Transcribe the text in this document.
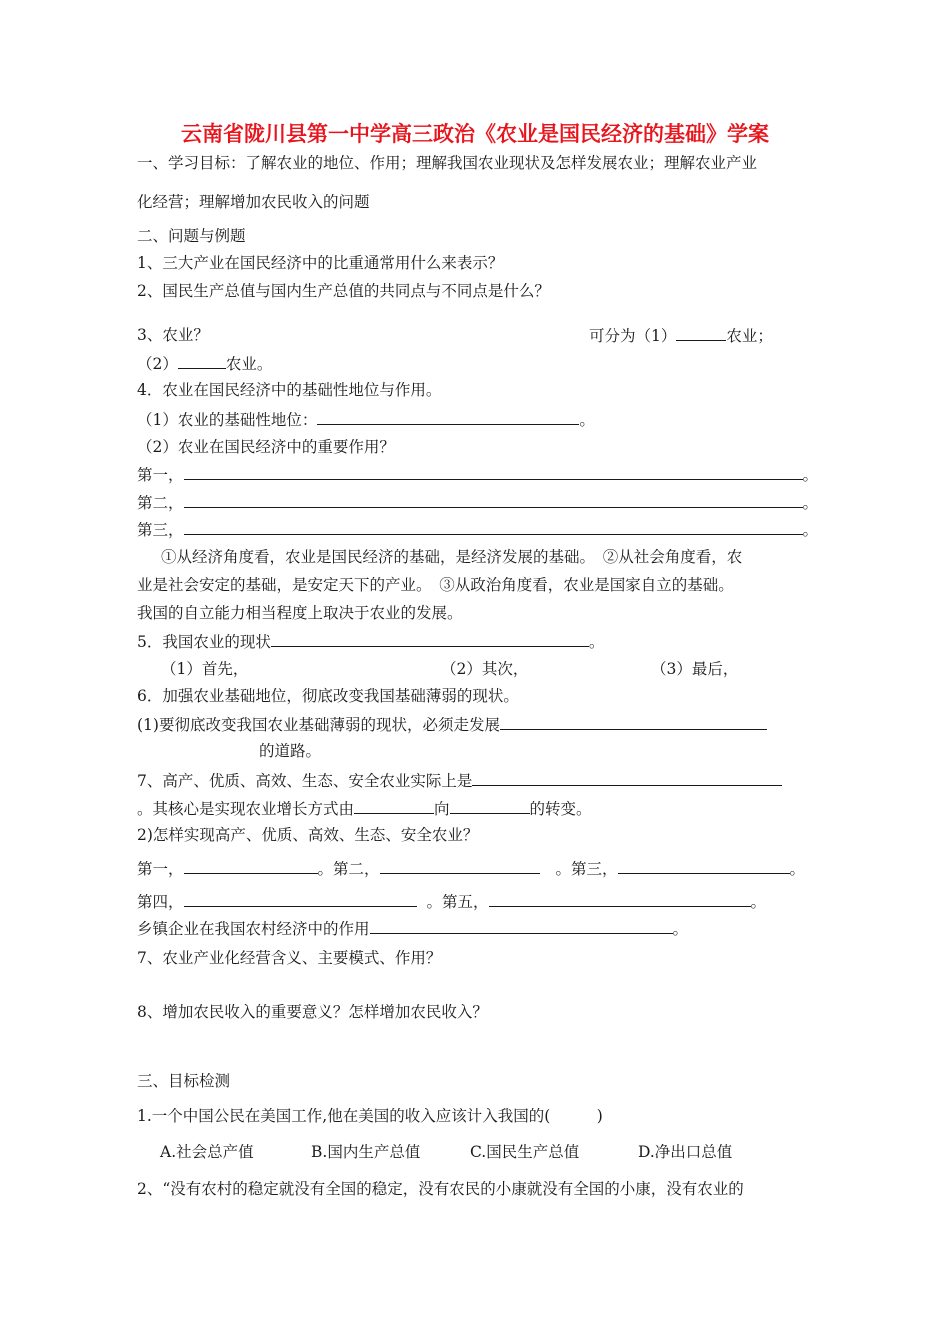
云南省陇川县第一中学高三政治《农业是国民经济的基础》学案
一、学习目标：了解农业的地位、作用；理解我国农业现状及怎样发展农业；理解农业产业
化经营；理解增加农民收入的问题
二、问题与例题
1、三大产业在国民经济中的比重通常用什么来表示？
2、国民生产总值与国内生产总值的共同点与不同点是什么？
3、农业？	可分为（1）	农业；
（2）	农业。
4．农业在国民经济中的基础性地位与作用。
（1）农业的基础性地位：	。
（2）农业在国民经济中的重要作用？
第一，	。
第二，	。
第三，	。
①从经济角度看，农业是国民经济的基础，是经济发展的基础。　②从社会角度看，农
业是社会安定的基础，是安定天下的产业。　③从政治角度看，农业是国家自立的基础。
我国的自立能力相当程度上取决于农业的发展。
5．我国农业的现状	。
（1）首先，	（2）其次，	（3）最后，
6．加强农业基础地位，彻底改变我国基础薄弱的现状。
(1)要彻底改变我国农业基础薄弱的现状，必须走发展
的道路。
7、高产、优质、高效、生态、安全农业实际上是
。其核心是实现农业增长方式由	向	的转变。
2)怎样实现高产、优质、高效、生态、安全农业？
第一，	。第二，	。第三，	。
第四，	。第五，	。
乡镇企业在我国农村经济中的作用	。
7、农业产业化经营含义、主要模式、作用？
8、增加农民收入的重要意义？怎样增加农民收入？
三、目标检测
1.一个中国公民在美国工作,他在美国的收入应该计入我国的(　　　)
A.社会总产值	B.国内生产总值	C.国民生产总值	D.净出口总值
2、“没有农村的稳定就没有全国的稳定，没有农民的小康就没有全国的小康，没有农业的
